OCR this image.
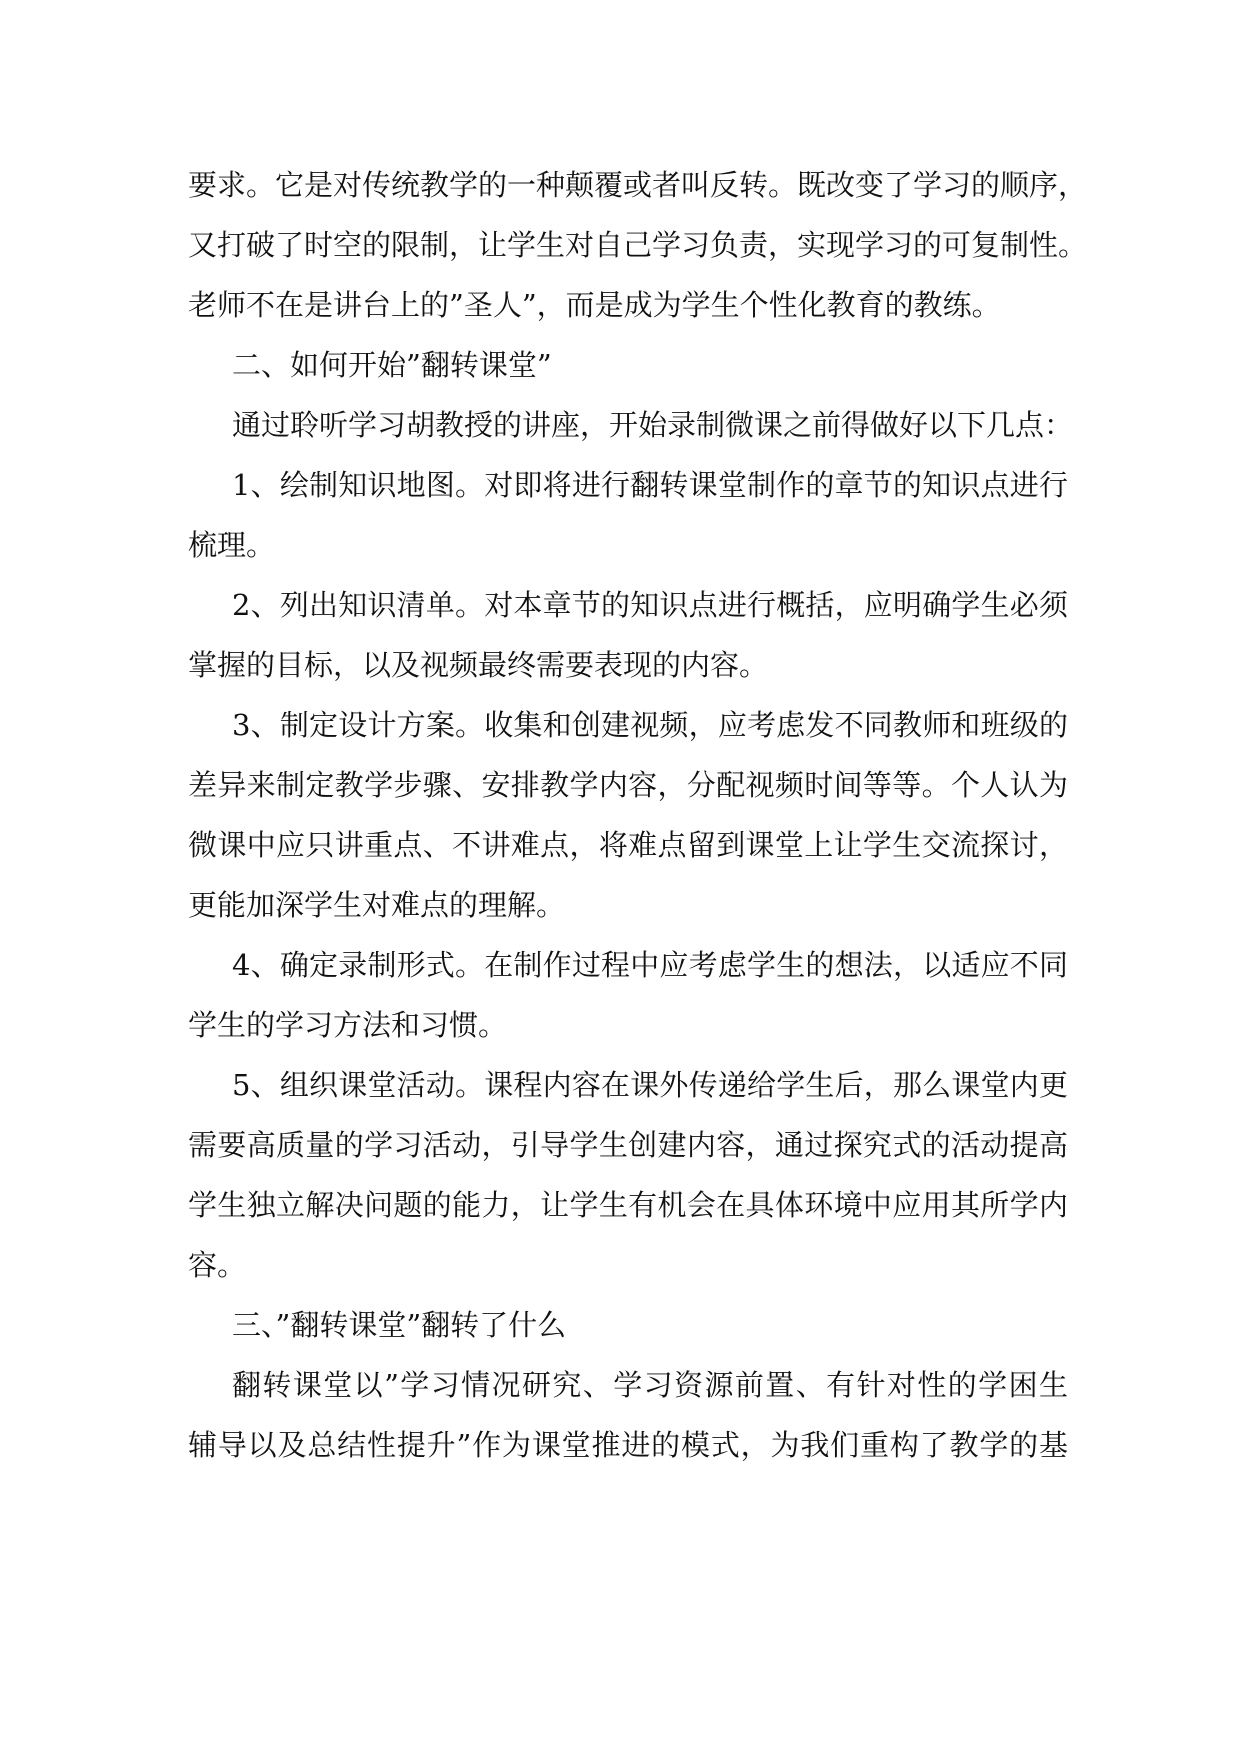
要求。它是对传统教学的一种颠覆或者叫反转。既改变了学习的顺序，
又打破了时空的限制，让学生对自己学习负责，实现学习的可复制性。
老师不在是讲台上的”圣人”，而是成为学生个性化教育的教练。
二、如何开始”翻转课堂”
通过聆听学习胡教授的讲座，开始录制微课之前得做好以下几点：
1、绘制知识地图。对即将进行翻转课堂制作的章节的知识点进行
梳理。
2、列出知识清单。对本章节的知识点进行概括，应明确学生必须
掌握的目标，以及视频最终需要表现的内容。
3、制定设计方案。收集和创建视频，应考虑发不同教师和班级的
差异来制定教学步骤、安排教学内容，分配视频时间等等。个人认为
微课中应只讲重点、不讲难点，将难点留到课堂上让学生交流探讨，
更能加深学生对难点的理解。
4、确定录制形式。在制作过程中应考虑学生的想法，以适应不同
学生的学习方法和习惯。
5、组织课堂活动。课程内容在课外传递给学生后，那么课堂内更
需要高质量的学习活动，引导学生创建内容，通过探究式的活动提高
学生独立解决问题的能力，让学生有机会在具体环境中应用其所学内
容。
三、”翻转课堂”翻转了什么
翻转课堂以”学习情况研究、学习资源前置、有针对性的学困生
辅导以及总结性提升”作为课堂推进的模式，为我们重构了教学的基
